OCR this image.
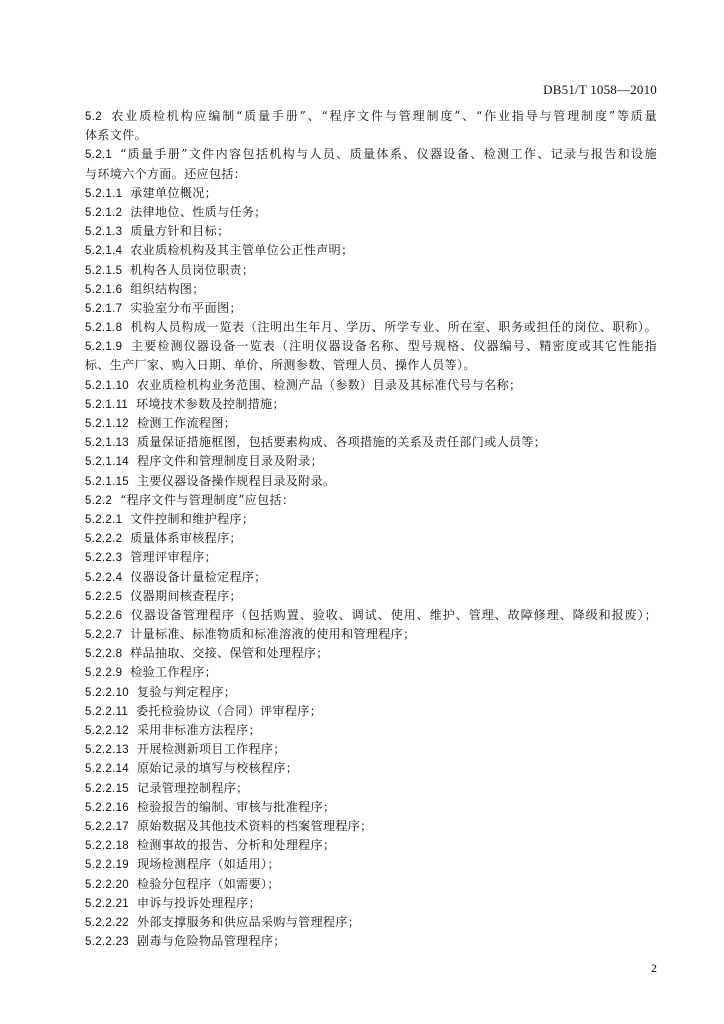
DB51/T 1058—2010
5.2 农业质检机构应编制“质量手册”、“程序文件与管理制度”、“作业指导与管理制度”等质量
体系文件。
5.2.1 “质量手册”文件内容包括机构与人员、质量体系、仪器设备、检测工作、记录与报告和设施
与环境六个方面。还应包括：
5.2.1.1 承建单位概况；
5.2.1.2 法律地位、性质与任务；
5.2.1.3 质量方针和目标；
5.2.1.4 农业质检机构及其主管单位公正性声明；
5.2.1.5 机构各人员岗位职责；
5.2.1.6 组织结构图；
5.2.1.7 实验室分布平面图；
5.2.1.8 机构人员构成一览表（注明出生年月、学历、所学专业、所在室、职务或担任的岗位、职称）。
5.2.1.9 主要检测仪器设备一览表（注明仪器设备名称、型号规格、仪器编号、精密度或其它性能指
标、生产厂家、购入日期、单价、所测参数、管理人员、操作人员等）。
5.2.1.10 农业质检机构业务范围、检测产品（参数）目录及其标准代号与名称；
5.2.1.11 环境技术参数及控制措施；
5.2.1.12 检测工作流程图；
5.2.1.13 质量保证措施框图，包括要素构成、各项措施的关系及责任部门或人员等；
5.2.1.14 程序文件和管理制度目录及附录；
5.2.1.15 主要仪器设备操作规程目录及附录。
5.2.2 “程序文件与管理制度”应包括：
5.2.2.1 文件控制和维护程序；
5.2.2.2 质量体系审核程序；
5.2.2.3 管理评审程序；
5.2.2.4 仪器设备计量检定程序；
5.2.2.5 仪器期间核查程序；
5.2.2.6 仪器设备管理程序（包括购置、验收、调试、使用、维护、管理、故障修理、降级和报废）；
5.2.2.7 计量标准、标准物质和标准溶液的使用和管理程序；
5.2.2.8 样品抽取、交接、保管和处理程序；
5.2.2.9 检验工作程序；
5.2.2.10 复验与判定程序；
5.2.2.11 委托检验协议（合同）评审程序；
5.2.2.12 采用非标准方法程序；
5.2.2.13 开展检测新项目工作程序；
5.2.2.14 原始记录的填写与校核程序；
5.2.2.15 记录管理控制程序；
5.2.2.16 检验报告的编制、审核与批准程序；
5.2.2.17 原始数据及其他技术资料的档案管理程序；
5.2.2.18 检测事故的报告、分析和处理程序；
5.2.2.19 现场检测程序（如适用）；
5.2.2.20 检验分包程序（如需要）；
5.2.2.21 申诉与投诉处理程序；
5.2.2.22 外部支撑服务和供应品采购与管理程序；
5.2.2.23 剧毒与危险物品管理程序；
2
